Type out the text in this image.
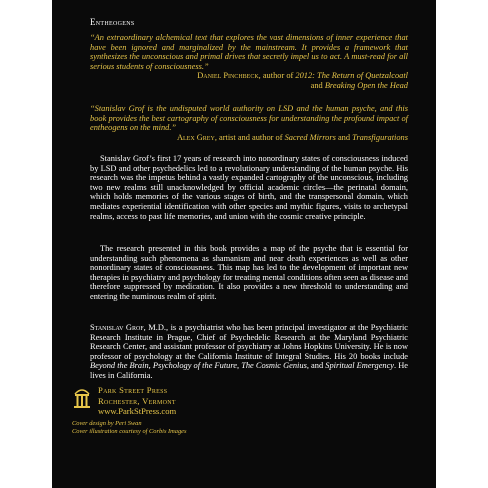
Entheogens

“An extraordinary alchemical text that explores the vast dimensions of inner experience that have been ignored and marginalized by the mainstream. It provides a framework that synthesizes the unconscious and primal drives that secretly impel us to act. A must-read for all serious students of consciousness.”
Daniel Pinchbeck, author of 2012: The Return of Quetzalcoatl
and Breaking Open the Head

“Stanislav Grof is the undisputed world authority on LSD and the human psyche, and this book provides the best cartography of consciousness for understanding the profound impact of entheogens on the mind.”
Alex Grey, artist and author of Sacred Mirrors and Transfigurations

Stanislav Grof’s first 17 years of research into nonordinary states of consciousness induced by LSD and other psychedelics led to a revolutionary understanding of the human psyche. His research was the impetus behind a vastly expanded cartography of the unconscious, including two new realms still unacknowledged by official academic circles—the perinatal domain, which holds memories of the various stages of birth, and the transpersonal domain, which mediates experiential identification with other species and mythic figures, visits to archetypal realms, access to past life memories, and union with the cosmic creative principle.

The research presented in this book provides a map of the psyche that is essential for understanding such phenomena as shamanism and near death experiences as well as other nonordinary states of consciousness. This map has led to the development of important new therapies in psychiatry and psychology for treating mental conditions often seen as disease and therefore suppressed by medication. It also provides a new threshold to understanding and entering the numinous realm of spirit.

Stanislav Grof, M.D., is a psychiatrist who has been principal investigator at the Psychiatric Research Institute in Prague, Chief of Psychedelic Research at the Maryland Psychiatric Research Center, and assistant professor of psychiatry at Johns Hopkins University. He is now professor of psychology at the California Institute of Integral Studies. His 20 books include Beyond the Brain, Psychology of the Future, The Cosmic Genius, and Spiritual Emergency. He lives in California.

Park Street Press
Rochester, Vermont
www.ParkStPress.com
Cover design by Peri Swan
Cover illustration courtesy of Corbis Images
